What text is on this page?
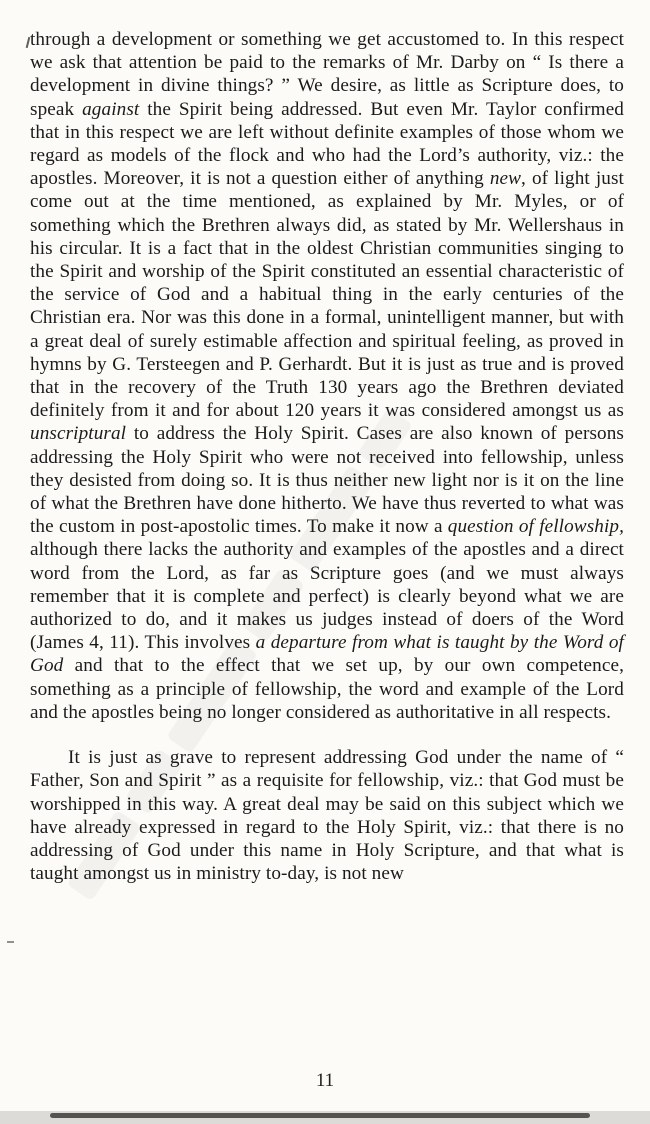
through a development or something we get accustomed to. In this respect we ask that attention be paid to the remarks of Mr. Darby on “ Is there a development in divine things? ” We desire, as little as Scripture does, to speak against the Spirit being addressed. But even Mr. Taylor confirmed that in this respect we are left without definite examples of those whom we regard as models of the flock and who had the Lord’s authority, viz.: the apostles. Moreover, it is not a question either of anything new, of light just come out at the time mentioned, as explained by Mr. Myles, or of something which the Brethren always did, as stated by Mr. Wellershaus in his circular. It is a fact that in the oldest Christian communities singing to the Spirit and worship of the Spirit constituted an essential characteristic of the service of God and a habitual thing in the early centuries of the Christian era. Nor was this done in a formal, unintelligent manner, but with a great deal of surely estimable affection and spiritual feeling, as proved in hymns by G. Tersteegen and P. Gerhardt. But it is just as true and is proved that in the recovery of the Truth 130 years ago the Brethren deviated definitely from it and for about 120 years it was considered amongst us as unscriptural to address the Holy Spirit. Cases are also known of persons addressing the Holy Spirit who were not received into fellowship, unless they desisted from doing so. It is thus neither new light nor is it on the line of what the Brethren have done hitherto. We have thus reverted to what was the custom in post-apostolic times. To make it now a question of fellowship, although there lacks the authority and examples of the apostles and a direct word from the Lord, as far as Scripture goes (and we must always remember that it is complete and perfect) is clearly beyond what we are authorized to do, and it makes us judges instead of doers of the Word (James 4, 11). This involves a departure from what is taught by the Word of God and that to the effect that we set up, by our own competence, something as a principle of fellowship, the word and example of the Lord and the apostles being no longer considered as authoritative in all respects.

It is just as grave to represent addressing God under the name of “ Father, Son and Spirit ” as a requisite for fellowship, viz.: that God must be worshipped in this way. A great deal may be said on this subject which we have already expressed in regard to the Holy Spirit, viz.: that there is no addressing of God under this name in Holy Scripture, and that what is taught amongst us in ministry to-day, is not new

11
